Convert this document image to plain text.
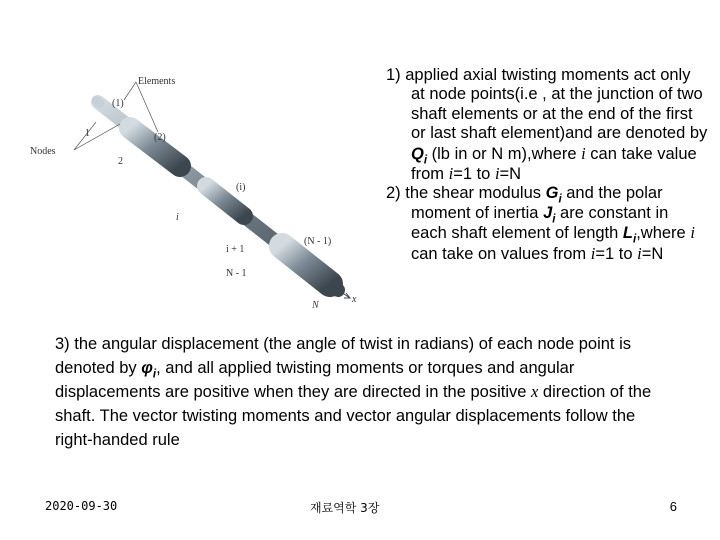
Elements
Nodes
(1)
(2)
(i)
(N - 1)
1
2
i
i + 1
N - 1
N
x
1) applied axial twisting moments act only at node points(i.e , at the junction of two shaft elements or at the end of the first or last shaft element)and are denoted by $Q_i$ (lb in or N m),where i can take value from i=1 to i=N
2) the shear modulus $G_i$ and the polar moment of inertia $J_i$ are constant in each shaft element of length $L_i,where$ i can take on values from i=1 to i=N
3) the angular displacement (the angle of twist in radians) of each node point is denoted by $\varphi_i$, and all applied twisting moments or torques and angular displacements are positive when they are directed in the positive x direction of the shaft. The vector twisting moments and vector angular displacements follow the right-handed rule
2020-09-30	재료역학 3장	6
